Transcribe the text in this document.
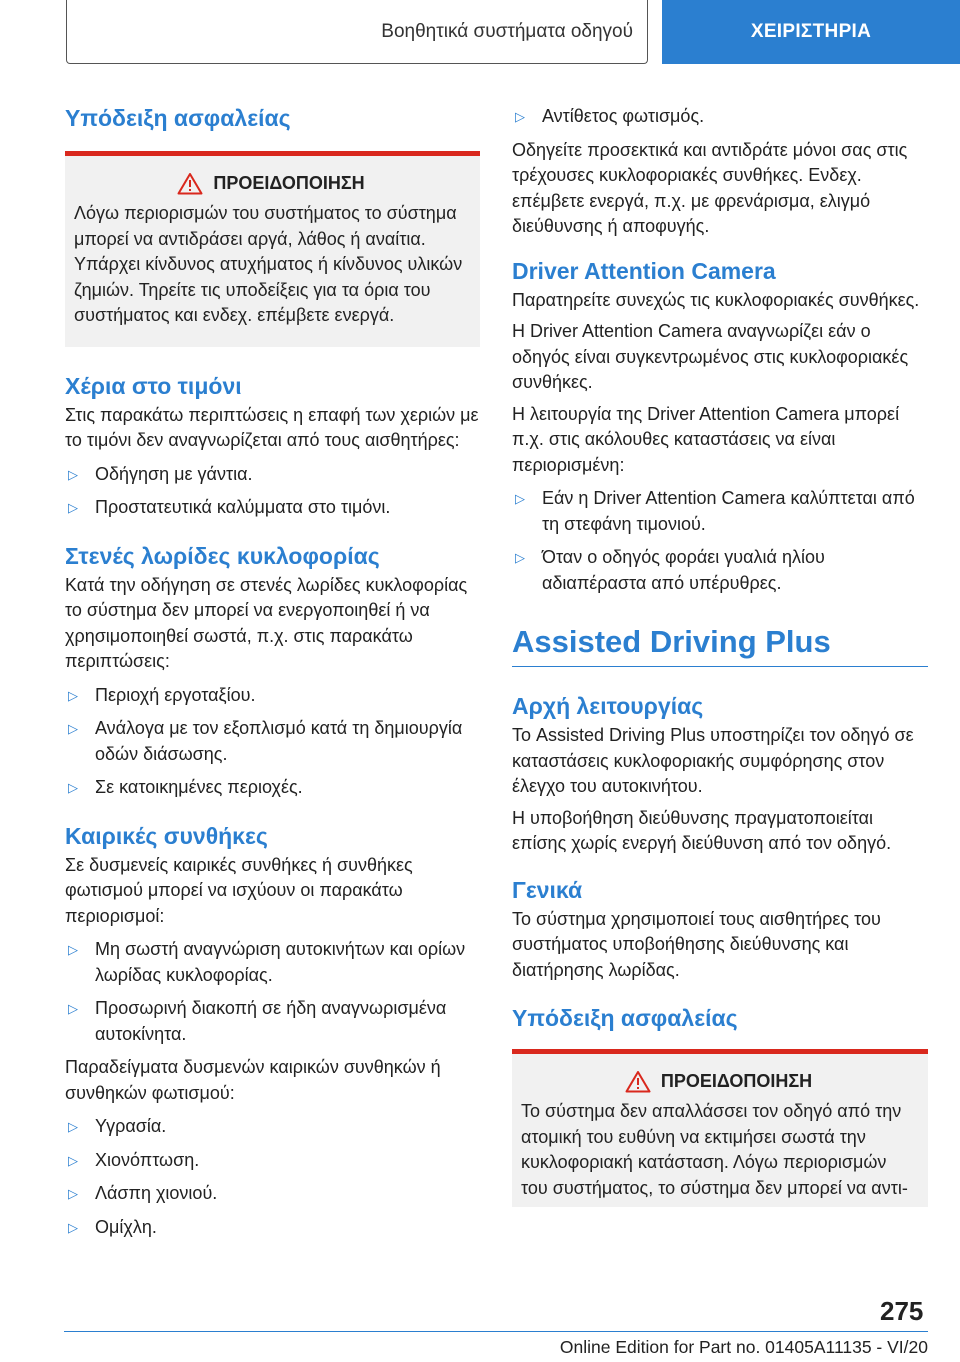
Βοηθητικά συστήματα οδηγού	ΧΕΙΡΙΣΤΗΡΙΑ
Υπόδειξη ασφαλείας
ΠΡΟΕΙΔΟΠΟΙΗΣΗ
Λόγω περιορισμών του συστήματος το σύστημα μπορεί να αντιδράσει αργά, λάθος ή αναίτια. Υπάρχει κίνδυνος ατυχήματος ή κίνδυνος υλικών ζημιών. Τηρείτε τις υποδείξεις για τα όρια του συστήματος και ενδεχ. επέμβετε ενεργά.
Χέρια στο τιμόνι
Στις παρακάτω περιπτώσεις η επαφή των χεριών με το τιμόνι δεν αναγνωρίζεται από τους αισθητήρες:
▷ Οδήγηση με γάντια.
▷ Προστατευτικά καλύμματα στο τιμόνι.
Στενές λωρίδες κυκλοφορίας
Κατά την οδήγηση σε στενές λωρίδες κυκλοφορίας το σύστημα δεν μπορεί να ενεργοποιηθεί ή να χρησιμοποιηθεί σωστά, π.χ. στις παρακάτω περιπτώσεις:
▷ Περιοχή εργοταξίου.
▷ Ανάλογα με τον εξοπλισμό κατά τη δημιουργία οδών διάσωσης.
▷ Σε κατοικημένες περιοχές.
Καιρικές συνθήκες
Σε δυσμενείς καιρικές συνθήκες ή συνθήκες φωτισμού μπορεί να ισχύουν οι παρακάτω περιορισμοί:
▷ Μη σωστή αναγνώριση αυτοκινήτων και ορίων λωρίδας κυκλοφορίας.
▷ Προσωρινή διακοπή σε ήδη αναγνωρισμένα αυτοκίνητα.
Παραδείγματα δυσμενών καιρικών συνθηκών ή συνθηκών φωτισμού:
▷ Υγρασία.
▷ Χιονόπτωση.
▷ Λάσπη χιονιού.
▷ Ομίχλη.
▷ Αντίθετος φωτισμός.
Οδηγείτε προσεκτικά και αντιδράτε μόνοι σας στις τρέχουσες κυκλοφοριακές συνθήκες. Ενδεχ. επέμβετε ενεργά, π.χ. με φρενάρισμα, ελιγμό διεύθυνσης ή αποφυγής.
Driver Attention Camera
Παρατηρείτε συνεχώς τις κυκλοφοριακές συνθήκες.
Η Driver Attention Camera αναγνωρίζει εάν ο οδηγός είναι συγκεντρωμένος στις κυκλοφοριακές συνθήκες.
Η λειτουργία της Driver Attention Camera μπορεί π.χ. στις ακόλουθες καταστάσεις να είναι περιορισμένη:
▷ Εάν η Driver Attention Camera καλύπτεται από τη στεφάνη τιμονιού.
▷ Όταν ο οδηγός φοράει γυαλιά ηλίου αδιαπέραστα από υπέρυθρες.
Assisted Driving Plus
Αρχή λειτουργίας
Το Assisted Driving Plus υποστηρίζει τον οδηγό σε καταστάσεις κυκλοφοριακής συμφόρησης στον έλεγχο του αυτοκινήτου.
Η υποβοήθηση διεύθυνσης πραγματοποιείται επίσης χωρίς ενεργή διεύθυνση από τον οδηγό.
Γενικά
Το σύστημα χρησιμοποιεί τους αισθητήρες του συστήματος υποβοήθησης διεύθυνσης και διατήρησης λωρίδας.
Υπόδειξη ασφαλείας
ΠΡΟΕΙΔΟΠΟΙΗΣΗ
Το σύστημα δεν απαλλάσσει τον οδηγό από την ατομική του ευθύνη να εκτιμήσει σωστά την κυκλοφοριακή κατάσταση. Λόγω περιορισμών του συστήματος, το σύστημα δεν μπορεί να αντι-
275
Online Edition for Part no. 01405A11135 - VI/20
